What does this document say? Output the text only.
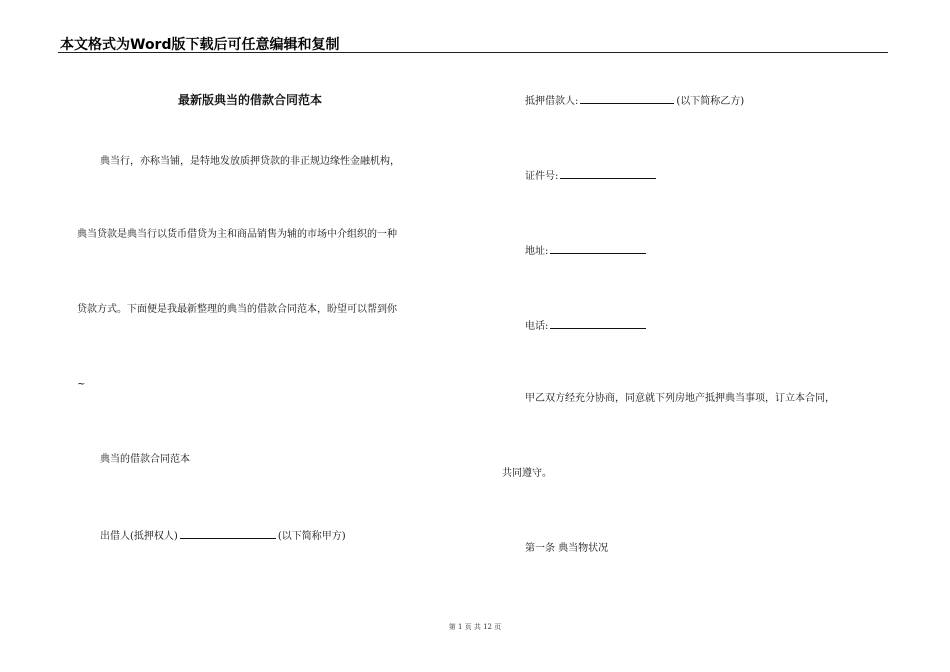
本文格式为Word版下载后可任意编辑和复制
最新版典当的借款合同范本
典当行，亦称当铺，是特地发放质押贷款的非正规边缘性金融机构，
典当贷款是典当行以货币借贷为主和商品销售为辅的市场中介组织的一种
贷款方式。下面便是我最新整理的典当的借款合同范本，盼望可以帮到你
~
典当的借款合同范本
出借人(抵押权人)	(以下简称甲方)
抵押借款人:	(以下简称乙方)
证件号:
地址:
电话:
甲乙双方经充分协商，同意就下列房地产抵押典当事项，订立本合同，
共同遵守。
第一条 典当物状况
第 1 页 共 12 页
